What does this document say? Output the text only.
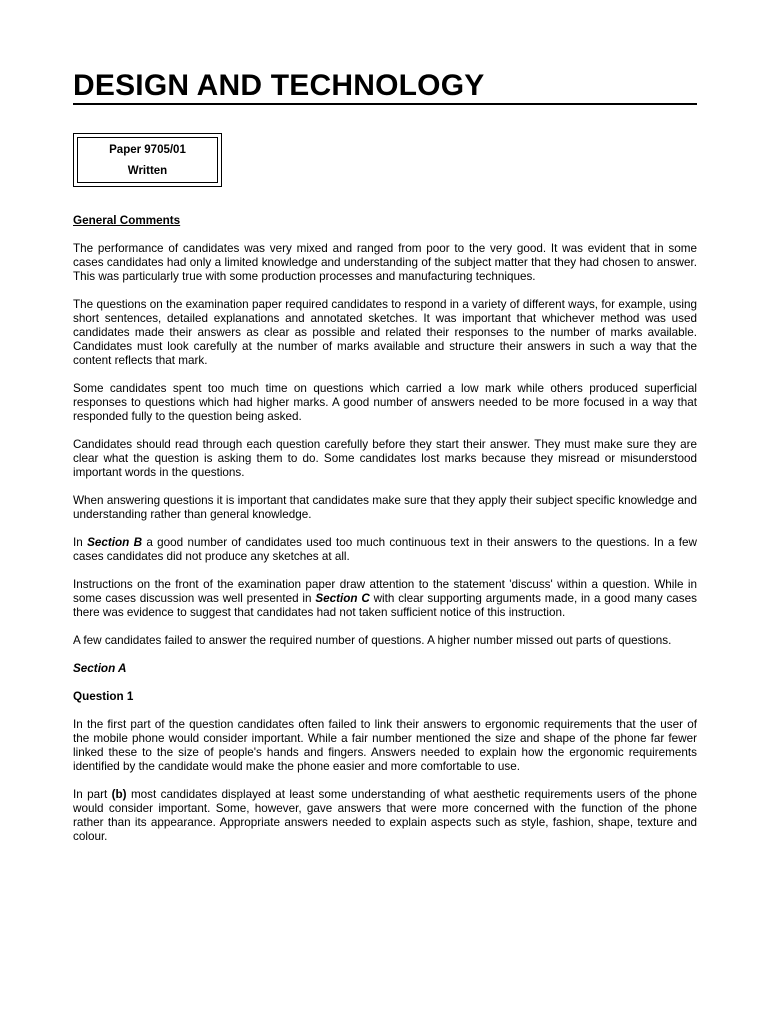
DESIGN AND TECHNOLOGY
Paper 9705/01
Written

General Comments

The performance of candidates was very mixed and ranged from poor to the very good. It was evident that in some cases candidates had only a limited knowledge and understanding of the subject matter that they had chosen to answer. This was particularly true with some production processes and manufacturing techniques.

The questions on the examination paper required candidates to respond in a variety of different ways, for example, using short sentences, detailed explanations and annotated sketches. It was important that whichever method was used candidates made their answers as clear as possible and related their responses to the number of marks available. Candidates must look carefully at the number of marks available and structure their answers in such a way that the content reflects that mark.

Some candidates spent too much time on questions which carried a low mark while others produced superficial responses to questions which had higher marks. A good number of answers needed to be more focused in a way that responded fully to the question being asked.

Candidates should read through each question carefully before they start their answer. They must make sure they are clear what the question is asking them to do. Some candidates lost marks because they misread or misunderstood important words in the questions.

When answering questions it is important that candidates make sure that they apply their subject specific knowledge and understanding rather than general knowledge.

In Section B a good number of candidates used too much continuous text in their answers to the questions. In a few cases candidates did not produce any sketches at all.

Instructions on the front of the examination paper draw attention to the statement 'discuss' within a question. While in some cases discussion was well presented in Section C with clear supporting arguments made, in a good many cases there was evidence to suggest that candidates had not taken sufficient notice of this instruction.

A few candidates failed to answer the required number of questions. A higher number missed out parts of questions.

Section A

Question 1

In the first part of the question candidates often failed to link their answers to ergonomic requirements that the user of the mobile phone would consider important. While a fair number mentioned the size and shape of the phone far fewer linked these to the size of people's hands and fingers. Answers needed to explain how the ergonomic requirements identified by the candidate would make the phone easier and more comfortable to use.

In part (b) most candidates displayed at least some understanding of what aesthetic requirements users of the phone would consider important. Some, however, gave answers that were more concerned with the function of the phone rather than its appearance. Appropriate answers needed to explain aspects such as style, fashion, shape, texture and colour.
